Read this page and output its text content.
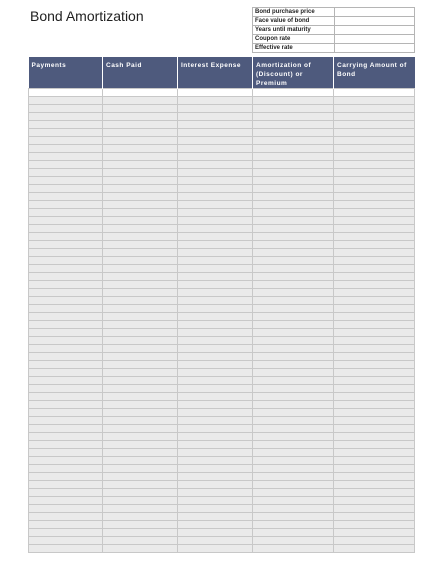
Bond Amortization	Bond purchase price	
Face value of bond	
Years until maturity	
Coupon rate	
Effective rate	
Payments	Cash Paid	Interest Expense	Amortization of (Discount) or Premium	Carrying Amount of Bond
